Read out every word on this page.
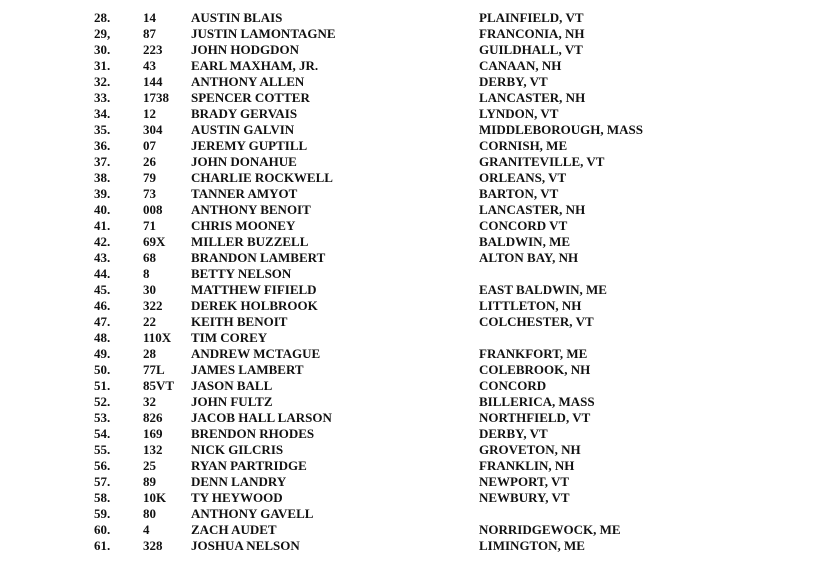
28.	14	AUSTIN BLAIS	PLAINFIELD, VT
29,	87	JUSTIN LAMONTAGNE	FRANCONIA, NH
30.	223 JOHN HODGDON	GUILDHALL, VT
31.	43	EARL MAXHAM, JR.	CANAAN, NH
32.	144 ANTHONY ALLEN	DERBY, VT
33.	1738 SPENCER COTTER	LANCASTER, NH
34.	12	BRADY GERVAIS	LYNDON, VT
35.	304 AUSTIN GALVIN	MIDDLEBOROUGH, MASS
36.	07	JEREMY GUPTILL	CORNISH, ME
37.	26	JOHN DONAHUE	GRANITEVILLE, VT
38.	79	CHARLIE ROCKWELL	ORLEANS, VT
39.	73	TANNER AMYOT	BARTON, VT
40.	008 ANTHONY BENOIT	LANCASTER, NH
41.	71	CHRIS MOONEY	CONCORD VT
42.	69X MILLER BUZZELL	BALDWIN, ME
43.	68	BRANDON LAMBERT	ALTON BAY, NH
44.	8	BETTY NELSON
45.	30	MATTHEW FIFIELD	EAST BALDWIN, ME
46.	322 DEREK HOLBROOK	LITTLETON, NH
47.	22	KEITH BENOIT	COLCHESTER, VT
48.	110X TIM COREY
49.	28	ANDREW MCTAGUE	FRANKFORT, ME
50.	77L JAMES LAMBERT	COLEBROOK, NH
51.	85VT JASON BALL	CONCORD
52.	32	JOHN FULTZ	BILLERICA, MASS
53.	826 JACOB HALL LARSON	NORTHFIELD, VT
54.	169 BRENDON RHODES	DERBY, VT
55.	132 NICK GILCRIS	GROVETON, NH
56.	25	RYAN PARTRIDGE	FRANKLIN, NH
57.	89	DENN LANDRY	NEWPORT, VT
58.	10K TY HEYWOOD	NEWBURY, VT
59.	80	ANTHONY GAVELL
60.	4	ZACH AUDET	NORRIDGEWOCK, ME
61.	328 JOSHUA NELSON	LIMINGTON, ME
